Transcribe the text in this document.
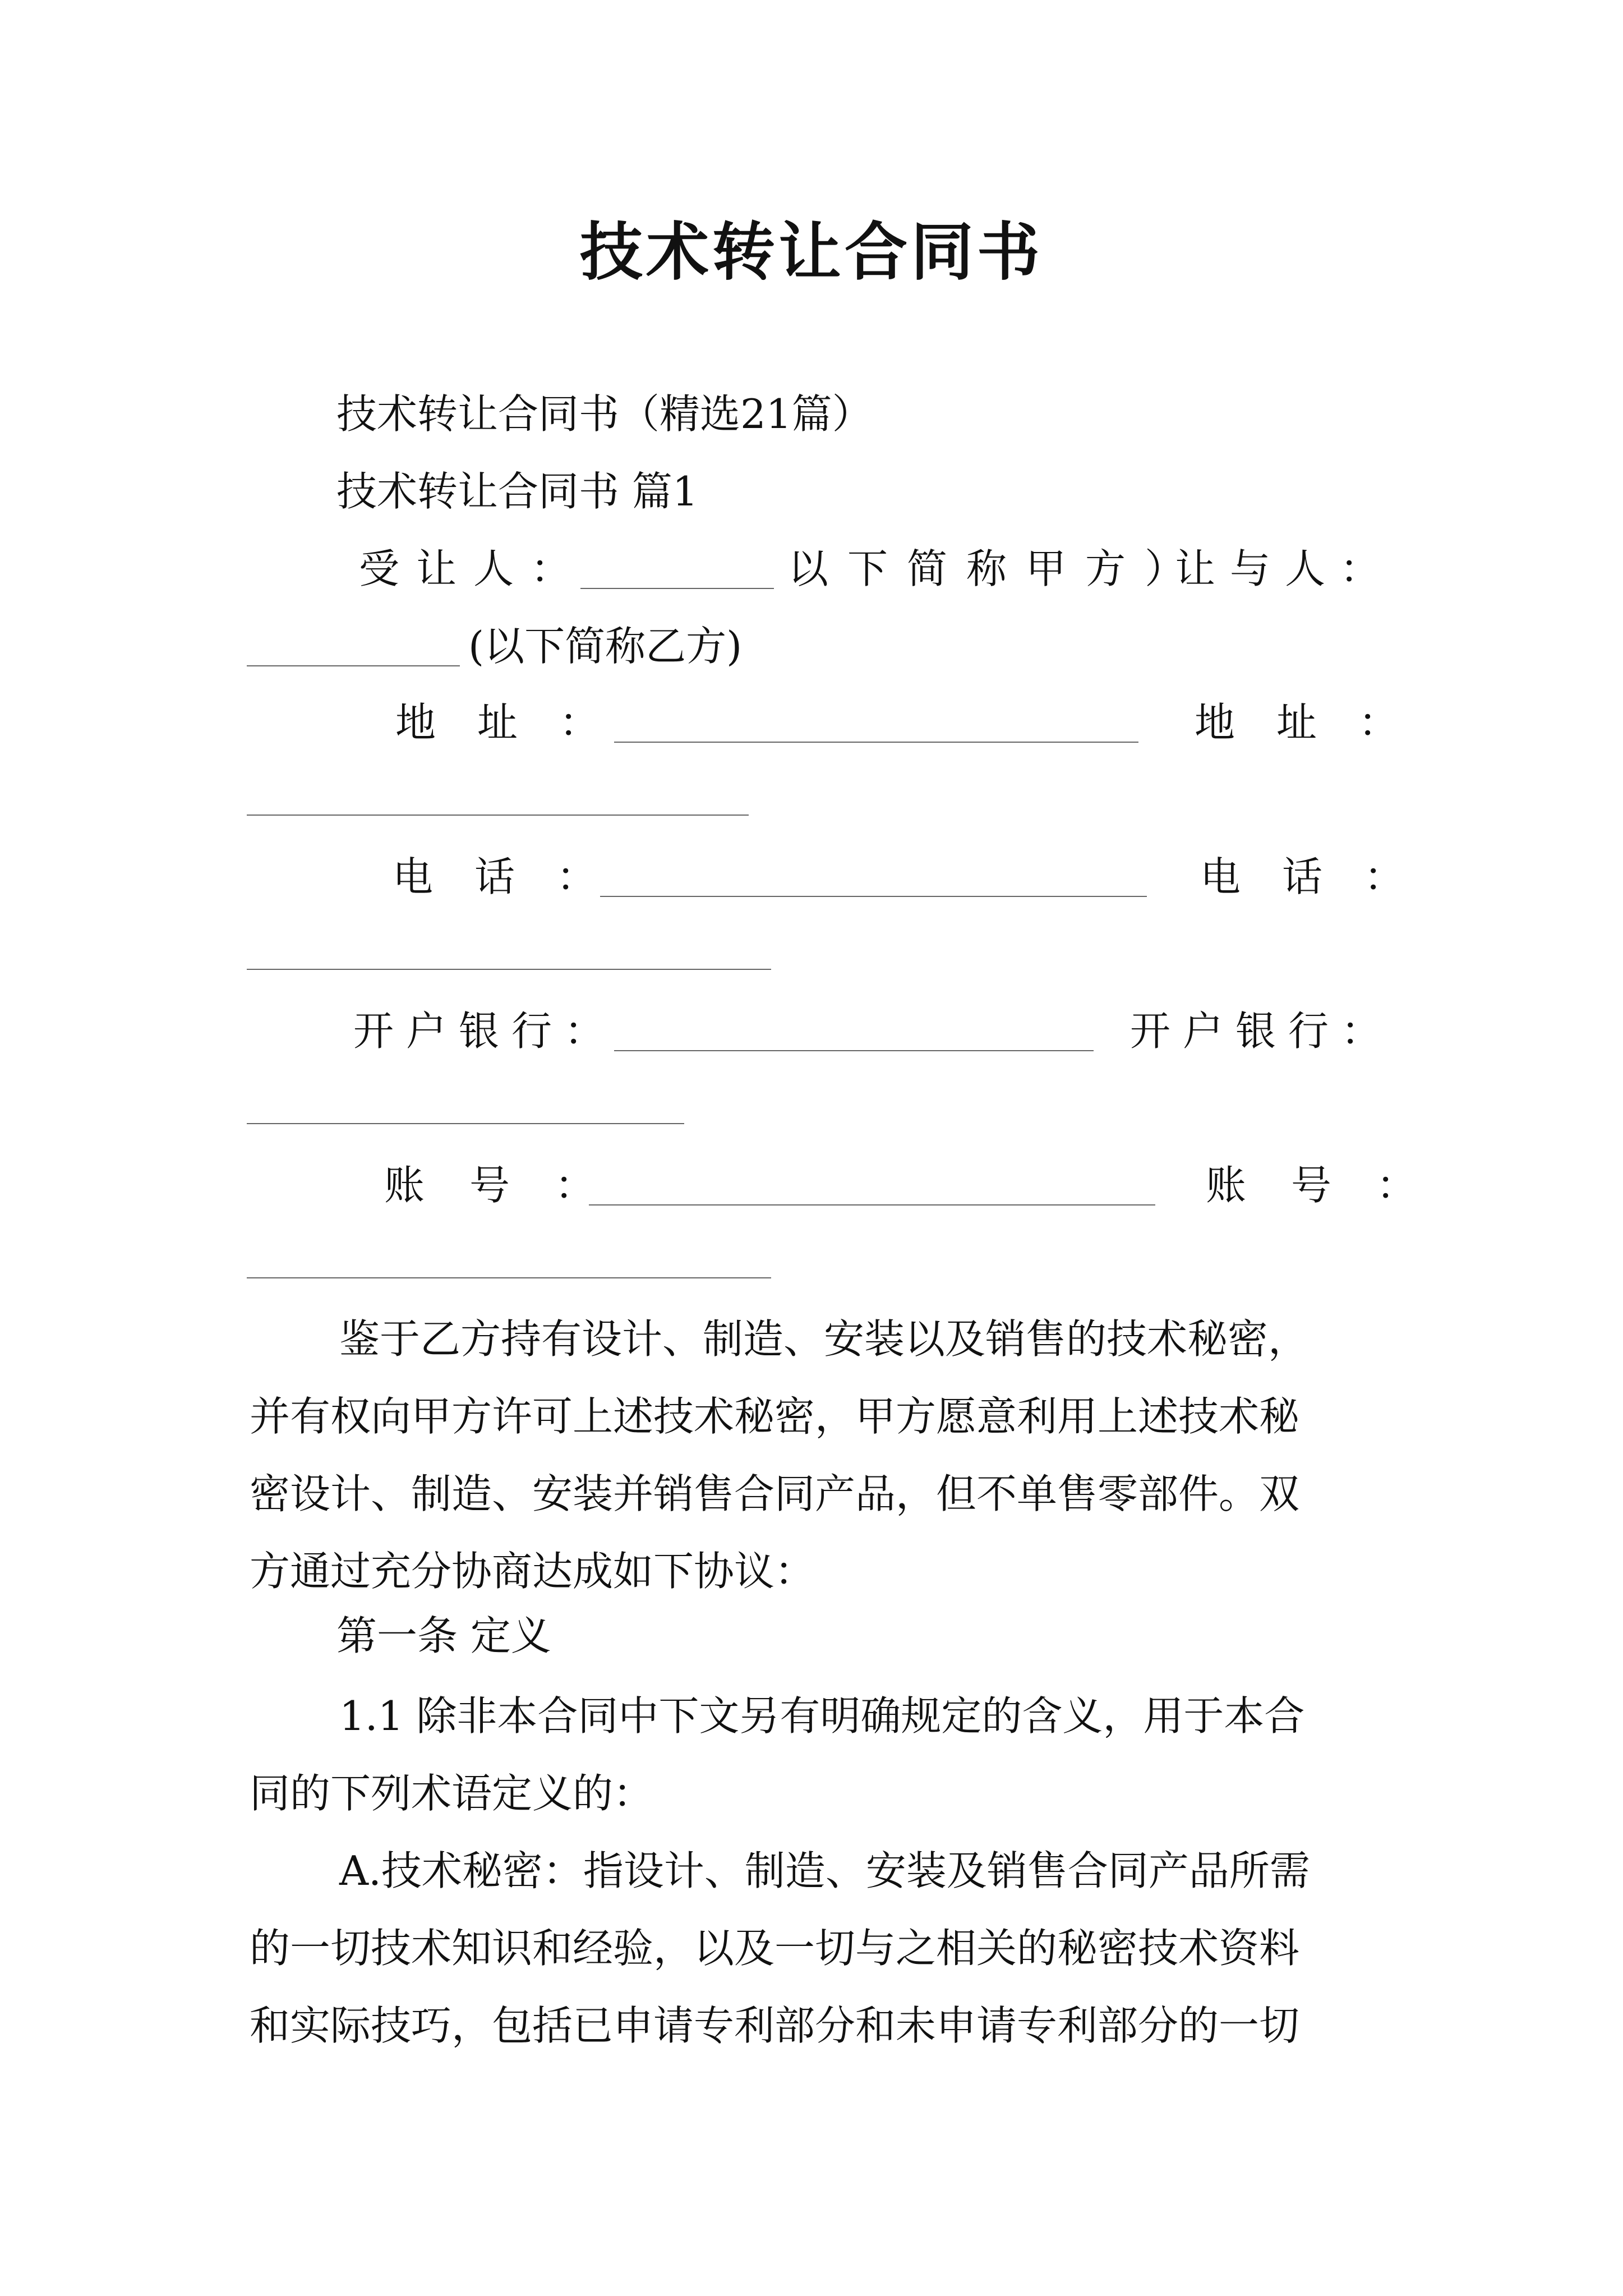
技术转让合同书
技术转让合同书（精选21篇）
技术转让合同书 篇1
受让人：	以下简称甲方）
让与人：
(以下简称乙方)
地址：	地址：
电话：	电话：
开户银行：	开户银行：
账号：	账号：
鉴于乙方持有设计、制造、安装以及销售的技术秘密，
并有权向甲方许可上述技术秘密，甲方愿意利用上述技术秘
密设计、制造、安装并销售合同产品，但不单售零部件。双
方通过充分协商达成如下协议：
第一条 定义
1.1 除非本合同中下文另有明确规定的含义，用于本合
同的下列术语定义的：
A.技术秘密：指设计、制造、安装及销售合同产品所需
的一切技术知识和经验，以及一切与之相关的秘密技术资料
和实际技巧，包括已申请专利部分和未申请专利部分的一切
